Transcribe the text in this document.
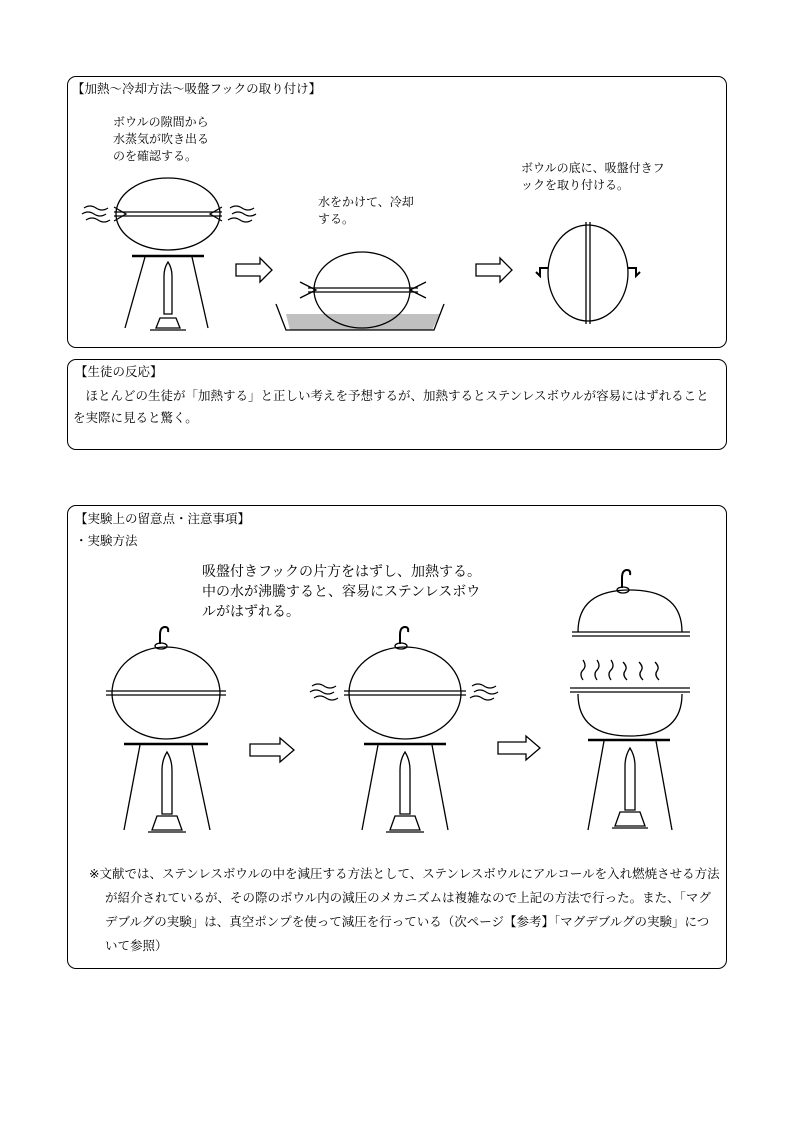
【加熱～冷却方法～吸盤フックの取り付け】
ボウルの隙間から
水蒸気が吹き出る
のを確認する。
水をかけて、冷却
する。
ボウルの底に、吸盤付きフ
ックを取り付ける。
【生徒の反応】
　ほとんどの生徒が「加熱する」と正しい考えを予想するが、加熱するとステンレスボウルが容易にはずれることを実際に見ると驚く。
【実験上の留意点・注意事項】
・実験方法
吸盤付きフックの片方をはずし、加熱する。
中の水が沸騰すると、容易にステンレスボウ
ルがはずれる。
※文献では、ステンレスボウルの中を減圧する方法として、ステンレスボウルにアルコールを入れ燃焼させる方法が紹介されているが、その際のボウル内の減圧のメカニズムは複雑なので上記の方法で行った。また、「マグデブルグの実験」は、真空ポンプを使って減圧を行っている（次ページ【参考】「マグデブルグの実験」について参照）
